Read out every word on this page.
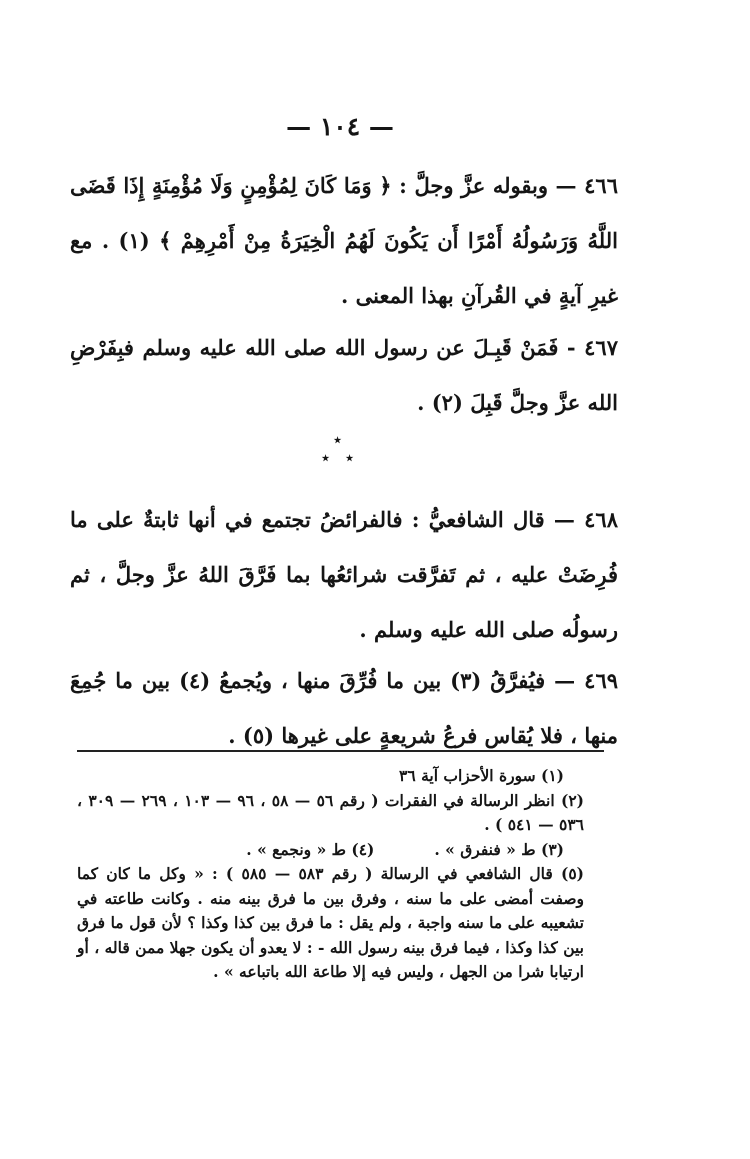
— ١٠٤ —

٤٦٦ — وبقوله عزَّ وجلَّ : ﴿ وَمَا كَانَ لِمُؤْمِنٍ وَلَا مُؤْمِنَةٍ إِذَا قَضَى اللَّهُ وَرَسُولُهُ أَمْرًا أَن يَكُونَ لَهُمُ الْخِيَرَةُ مِنْ أَمْرِهِمْ ﴾ (١) . مع غيرِ آيةٍ في القُرآنِ بهذا المعنى .

٤٦٧ - فَمَنْ قَبِـلَ عن رسول الله صلى الله عليه وسلم فبِفَرْضِ الله عزَّ وجلَّ قَبِلَ (٢) .

٤٦٨ — قال الشافعيُّ : فالفرائضُ تجتمع في أنها ثابتةٌ على ما فُرِضَتْ عليه ، ثم تَفرَّقت شرائعُها بما فَرَّقَ اللهُ عزَّ وجلَّ ، ثم رسولُه صلى الله عليه وسلم .

٤٦٩ — فيُفرَّقُ (٣) بين ما فُرِّقَ منها ، ويُجمعُ (٤) بين ما جُمِعَ منها ، فلا يُقاس فرعُ شريعةٍ على غيرها (٥) .

٭
٭ ٭

(١) سورة الأحزاب آية ٣٦

(٢) انظر الرسالة في الفقرات ( رقم ٥٦ — ٥٨ ، ٩٦ — ١٠٣ ، ٢٦٩ — ٣٠٩ ، ٥٣٦ — ٥٤١ ) .

(٣) ط « فنفرق » .
(٤) ط « ونجمع » .

(٥) قال الشافعي في الرسالة ( رقم ٥٨٣ — ٥٨٥ ) : « وكل ما كان كما وصفت أمضى على ما سنه ، وفرق بين ما فرق بينه منه . وكانت طاعته في تشعيبه على ما سنه واجبة ، ولم يقل : ما فرق بين كذا وكذا ؟ لأن قول ما فرق بين كذا وكذا ، فيما فرق بينه رسول الله - : لا يعدو أن يكون جهلا ممن قاله ، أو ارتيابا شرا من الجهل ، وليس فيه إلا طاعة الله باتباعه » .
